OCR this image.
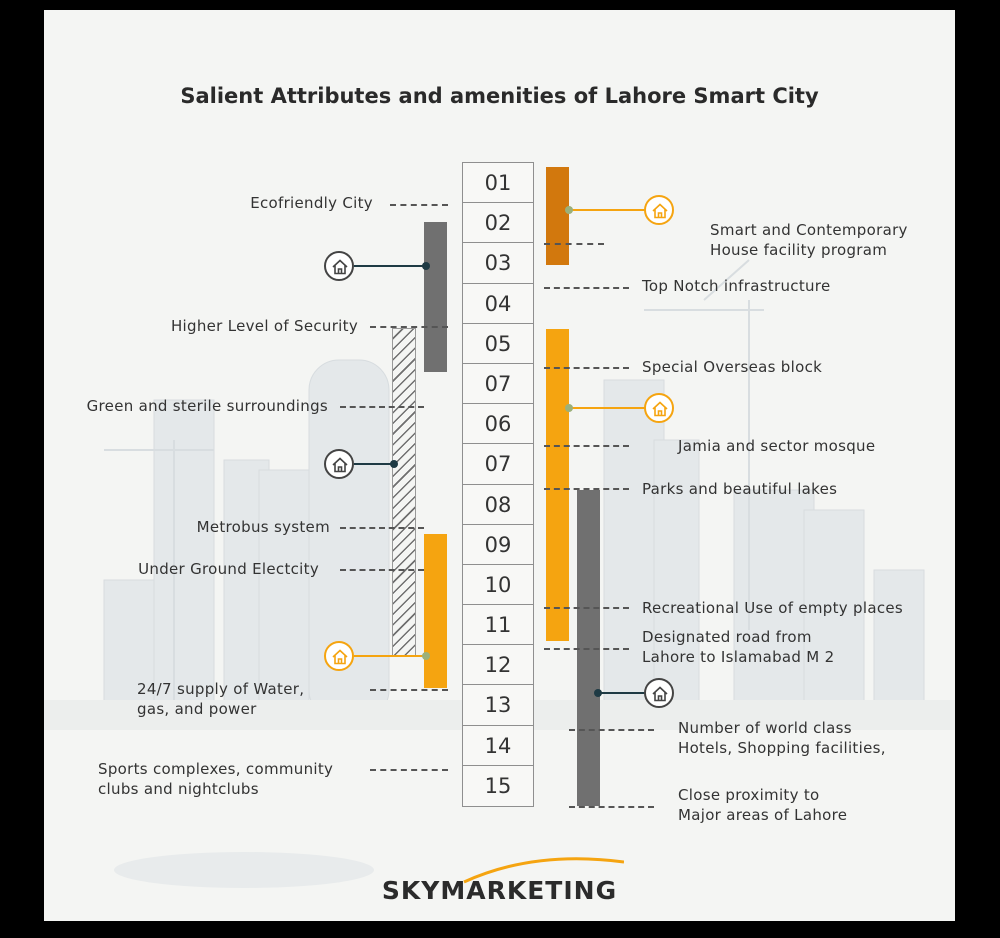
Salient Attributes and amenities of Lahore Smart City
01
02
03
04
05
07
06
07
08
09
10
11
12
13
14
15
Ecofriendly City
Higher Level of Security
Green and sterile surroundings
Metrobus system
Under Ground Electcity
24/7 supply of Water,
gas, and power
Sports complexes, community
clubs and nightclubs
Smart and Contemporary
House facility program
Top Notch infrastructure
Special Overseas block
Jamia and sector mosque
Parks and beautiful lakes
Recreational Use of empty places
Designated road from
Lahore to Islamabad M 2
Number of world class
Hotels, Shopping facilities,
Close proximity to
Major areas of Lahore
SKYMARKETING
